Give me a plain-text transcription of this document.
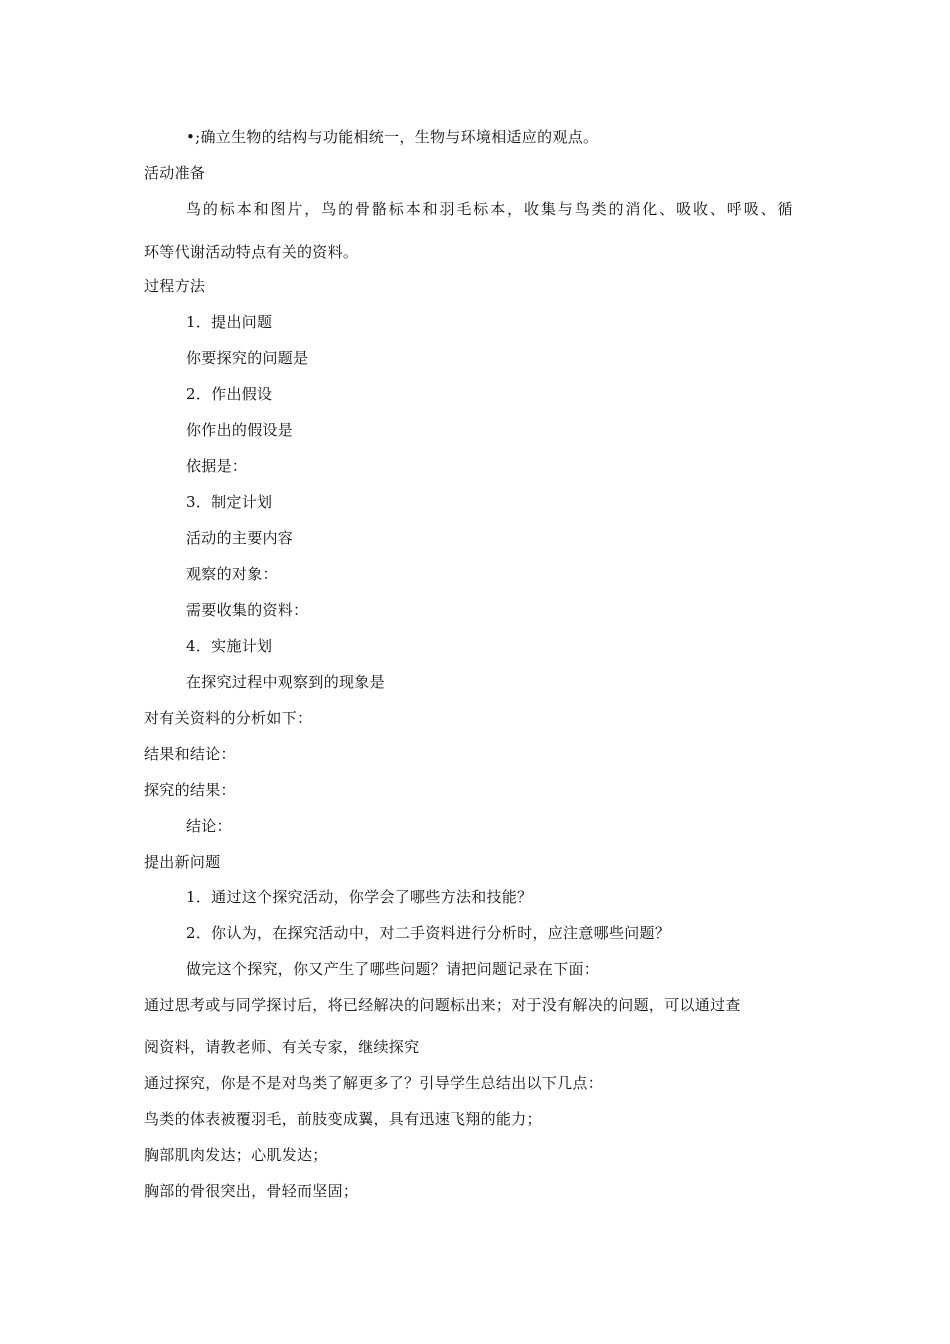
•;确立生物的结构与功能相统一，生物与环境相适应的观点。
活动准备
鸟的标本和图片，鸟的骨骼标本和羽毛标本，收集与鸟类的消化、吸收、呼吸、循
环等代谢活动特点有关的资料。
过程方法
1．提出问题
你要探究的问题是
2．作出假设
你作出的假设是
依据是：
3．制定计划
活动的主要内容
观察的对象：
需要收集的资料：
4．实施计划
在探究过程中观察到的现象是
对有关资料的分析如下：
结果和结论：
探究的结果：
结论：
提出新问题
1．通过这个探究活动，你学会了哪些方法和技能？
2．你认为，在探究活动中，对二手资料进行分析时，应注意哪些问题？
做完这个探究，你又产生了哪些问题？请把问题记录在下面：
通过思考或与同学探讨后，将已经解决的问题标出来；对于没有解决的问题，可以通过查
阅资料，请教老师、有关专家，继续探究
通过探究，你是不是对鸟类了解更多了？引导学生总结出以下几点：
鸟类的体表被覆羽毛，前肢变成翼，具有迅速飞翔的能力；
胸部肌肉发达；心肌发达；
胸部的骨很突出，骨轻而坚固；
